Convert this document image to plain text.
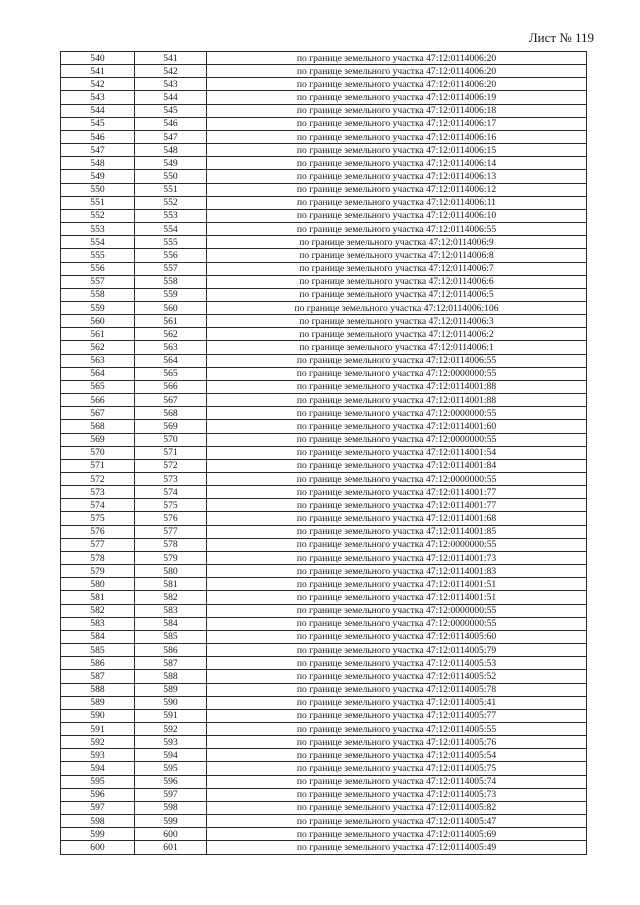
Лист № 119
540	541	по границе земельного участка 47:12:0114006:20
541	542	по границе земельного участка 47:12:0114006:20
542	543	по границе земельного участка 47:12:0114006:20
543	544	по границе земельного участка 47:12:0114006:19
544	545	по границе земельного участка 47:12:0114006:18
545	546	по границе земельного участка 47:12:0114006:17
546	547	по границе земельного участка 47:12:0114006:16
547	548	по границе земельного участка 47:12:0114006:15
548	549	по границе земельного участка 47:12:0114006:14
549	550	по границе земельного участка 47:12:0114006:13
550	551	по границе земельного участка 47:12:0114006:12
551	552	по границе земельного участка 47:12:0114006:11
552	553	по границе земельного участка 47:12:0114006:10
553	554	по границе земельного участка 47:12:0114006:55
554	555	по границе земельного участка 47:12:0114006:9
555	556	по границе земельного участка 47:12:0114006:8
556	557	по границе земельного участка 47:12:0114006:7
557	558	по границе земельного участка 47:12:0114006:6
558	559	по границе земельного участка 47:12:0114006:5
559	560	по границе земельного участка 47:12:0114006:106
560	561	по границе земельного участка 47:12:0114006:3
561	562	по границе земельного участка 47:12:0114006:2
562	563	по границе земельного участка 47:12:0114006:1
563	564	по границе земельного участка 47:12:0114006:55
564	565	по границе земельного участка 47:12:0000000:55
565	566	по границе земельного участка 47:12:0114001:88
566	567	по границе земельного участка 47:12:0114001:88
567	568	по границе земельного участка 47:12:0000000:55
568	569	по границе земельного участка 47:12:0114001:60
569	570	по границе земельного участка 47:12:0000000:55
570	571	по границе земельного участка 47:12:0114001:54
571	572	по границе земельного участка 47:12:0114001:84
572	573	по границе земельного участка 47:12:0000000:55
573	574	по границе земельного участка 47:12:0114001:77
574	575	по границе земельного участка 47:12:0114001:77
575	576	по границе земельного участка 47:12:0114001:68
576	577	по границе земельного участка 47:12:0114001:85
577	578	по границе земельного участка 47:12:0000000:55
578	579	по границе земельного участка 47:12:0114001:73
579	580	по границе земельного участка 47:12:0114001:83
580	581	по границе земельного участка 47:12:0114001:51
581	582	по границе земельного участка 47:12:0114001:51
582	583	по границе земельного участка 47:12:0000000:55
583	584	по границе земельного участка 47:12:0000000:55
584	585	по границе земельного участка 47:12:0114005:60
585	586	по границе земельного участка 47:12:0114005:79
586	587	по границе земельного участка 47:12:0114005:53
587	588	по границе земельного участка 47:12:0114005:52
588	589	по границе земельного участка 47:12:0114005:78
589	590	по границе земельного участка 47:12:0114005:41
590	591	по границе земельного участка 47:12:0114005:77
591	592	по границе земельного участка 47:12:0114005:55
592	593	по границе земельного участка 47:12:0114005:76
593	594	по границе земельного участка 47:12:0114005:54
594	595	по границе земельного участка 47:12:0114005:75
595	596	по границе земельного участка 47:12:0114005:74
596	597	по границе земельного участка 47:12:0114005:73
597	598	по границе земельного участка 47:12:0114005:82
598	599	по границе земельного участка 47:12:0114005:47
599	600	по границе земельного участка 47:12:0114005:69
600	601	по границе земельного участка 47:12:0114005:49
